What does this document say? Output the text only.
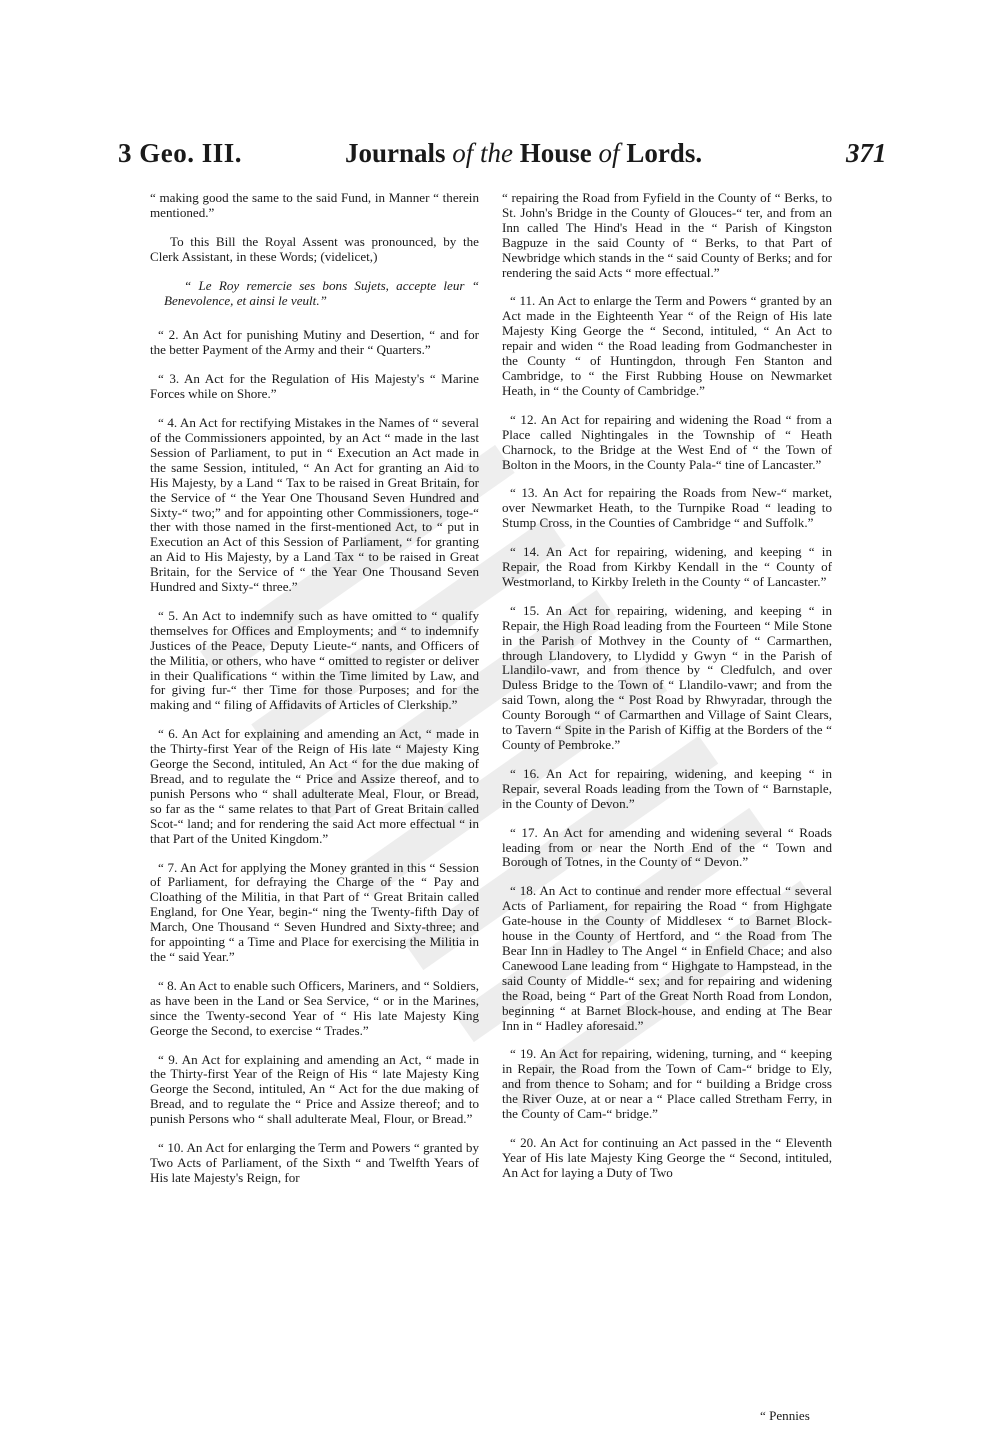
3 Geo. III.	Journals of the House of Lords.	371

“ making good the same to the said Fund, in Manner “ therein mentioned.”

To this Bill the Royal Assent was pronounced, by the Clerk Assistant, in these Words; (videlicet,)

“ Le Roy remercie ses bons Sujets, accepte leur “ Benevolence, et ainsi le veult.”

“ 2. An Act for punishing Mutiny and Desertion, “ and for the better Payment of the Army and their “ Quarters.”

“ 3. An Act for the Regulation of His Majesty's “ Marine Forces while on Shore.”

“ 4. An Act for rectifying Mistakes in the Names of “ several of the Commissioners appointed, by an Act “ made in the last Session of Parliament, to put in “ Execution an Act made in the same Session, intituled, “ An Act for granting an Aid to His Majesty, by a Land “ Tax to be raised in Great Britain, for the Service of “ the Year One Thousand Seven Hundred and Sixty-“ two;” and for appointing other Commissioners, toge-“ ther with those named in the first-mentioned Act, to “ put in Execution an Act of this Session of Parliament, “ for granting an Aid to His Majesty, by a Land Tax “ to be raised in Great Britain, for the Service of “ the Year One Thousand Seven Hundred and Sixty-“ three.”

“ 5. An Act to indemnify such as have omitted to “ qualify themselves for Offices and Employments; and “ to indemnify Justices of the Peace, Deputy Lieute-“ nants, and Officers of the Militia, or others, who have “ omitted to register or deliver in their Qualifications “ within the Time limited by Law, and for giving fur-“ ther Time for those Purposes; and for the making and “ filing of Affidavits of Articles of Clerkship.”

“ 6. An Act for explaining and amending an Act, “ made in the Thirty-first Year of the Reign of His late “ Majesty King George the Second, intituled, An Act “ for the due making of Bread, and to regulate the “ Price and Assize thereof, and to punish Persons who “ shall adulterate Meal, Flour, or Bread, so far as the “ same relates to that Part of Great Britain called Scot-“ land; and for rendering the said Act more effectual “ in that Part of the United Kingdom.”

“ 7. An Act for applying the Money granted in this “ Session of Parliament, for defraying the Charge of the “ Pay and Cloathing of the Militia, in that Part of “ Great Britain called England, for One Year, begin-“ ning the Twenty-fifth Day of March, One Thousand “ Seven Hundred and Sixty-three; and for appointing “ a Time and Place for exercising the Militia in the “ said Year.”

“ 8. An Act to enable such Officers, Mariners, and “ Soldiers, as have been in the Land or Sea Service, “ or in the Marines, since the Twenty-second Year of “ His late Majesty King George the Second, to exercise “ Trades.”

“ 9. An Act for explaining and amending an Act, “ made in the Thirty-first Year of the Reign of His “ late Majesty King George the Second, intituled, An “ Act for the due making of Bread, and to regulate the “ Price and Assize thereof; and to punish Persons who “ shall adulterate Meal, Flour, or Bread.”

“ 10. An Act for enlarging the Term and Powers “ granted by Two Acts of Parliament, of the Sixth “ and Twelfth Years of His late Majesty's Reign, for

“ repairing the Road from Fyfield in the County of “ Berks, to St. John's Bridge in the County of Glouces-“ ter, and from an Inn called The Hind's Head in the “ Parish of Kingston Bagpuze in the said County of “ Berks, to that Part of Newbridge which stands in the “ said County of Berks; and for rendering the said Acts “ more effectual.”

“ 11. An Act to enlarge the Term and Powers “ granted by an Act made in the Eighteenth Year “ of the Reign of His late Majesty King George the “ Second, intituled, “ An Act to repair and widen “ the Road leading from Godmanchester in the County “ of Huntingdon, through Fen Stanton and Cambridge, to “ the First Rubbing House on Newmarket Heath, in “ the County of Cambridge.”

“ 12. An Act for repairing and widening the Road “ from a Place called Nightingales in the Township of “ Heath Charnock, to the Bridge at the West End of “ the Town of Bolton in the Moors, in the County Pala-“ tine of Lancaster.”

“ 13. An Act for repairing the Roads from New-“ market, over Newmarket Heath, to the Turnpike Road “ leading to Stump Cross, in the Counties of Cambridge “ and Suffolk.”

“ 14. An Act for repairing, widening, and keeping “ in Repair, the Road from Kirkby Kendall in the “ County of Westmorland, to Kirkby Ireleth in the County “ of Lancaster.”

“ 15. An Act for repairing, widening, and keeping “ in Repair, the High Road leading from the Fourteen “ Mile Stone in the Parish of Mothvey in the County of “ Carmarthen, through Llandovery, to Llydidd y Gwyn “ in the Parish of Llandilo-vawr, and from thence by “ Cledfulch, and over Duless Bridge to the Town of “ Llandilo-vawr; and from the said Town, along the “ Post Road by Rhwyradar, through the County Borough “ of Carmarthen and Village of Saint Clears, to Tavern “ Spite in the Parish of Kiffig at the Borders of the “ County of Pembroke.”

“ 16. An Act for repairing, widening, and keeping “ in Repair, several Roads leading from the Town of “ Barnstaple, in the County of Devon.”

“ 17. An Act for amending and widening several “ Roads leading from or near the North End of the “ Town and Borough of Totnes, in the County of “ Devon.”

“ 18. An Act to continue and render more effectual “ several Acts of Parliament, for repairing the Road “ from Highgate Gate-house in the County of Middlesex “ to Barnet Block-house in the County of Hertford, and “ the Road from The Bear Inn in Hadley to The Angel “ in Enfield Chace; and also Canewood Lane leading from “ Highgate to Hampstead, in the said County of Middle-“ sex; and for repairing and widening the Road, being “ Part of the Great North Road from London, beginning “ at Barnet Block-house, and ending at The Bear Inn in “ Hadley aforesaid.”

“ 19. An Act for repairing, widening, turning, and “ keeping in Repair, the Road from the Town of Cam-“ bridge to Ely, and from thence to Soham; and for “ building a Bridge cross the River Ouze, at or near a “ Place called Stretham Ferry, in the County of Cam-“ bridge.”

“ 20. An Act for continuing an Act passed in the “ Eleventh Year of His late Majesty King George the “ Second, intituled, An Act for laying a Duty of Two

“ Pennies
